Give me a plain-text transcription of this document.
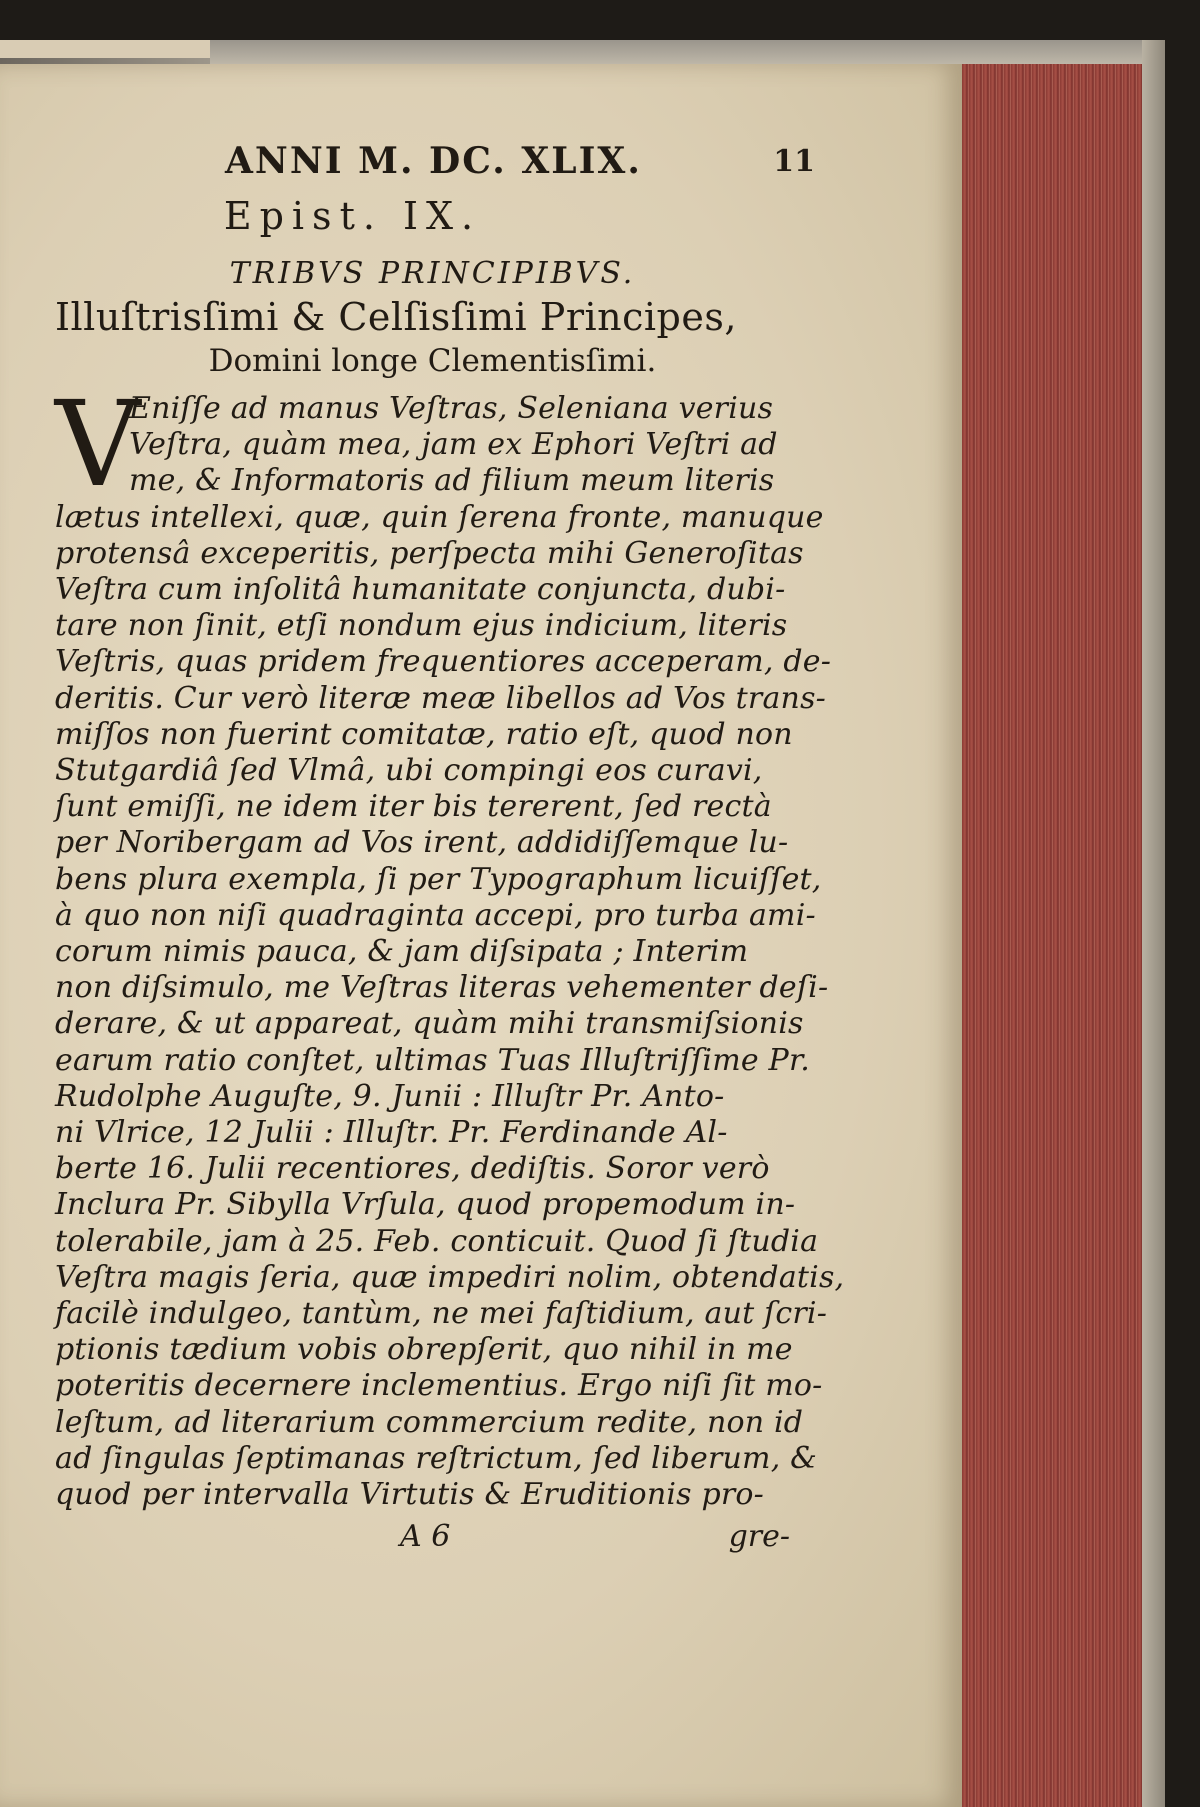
ANNI M. DC. XLIX.	11
Epist. IX.
TRIBVS PRINCIPIBVS.
Illuſtrisſimi & Celſisſimi Principes,
Domini longe Clementisſimi.
V
Eniſſe ad manus Veſtras, Seleniana verius
Veſtra, quàm mea, jam ex Ephori Veſtri ad
me, & Informatoris ad filium meum literis
lætus intellexi, quæ, quin ſerena fronte, manuque
protensâ exceperitis, perſpecta mihi Generoſitas
Veſtra cum inſolitâ humanitate conjuncta, dubi-
tare non ſinit, etſi nondum ejus indicium, literis
Veſtris, quas pridem frequentiores acceperam, de-
deritis. Cur verò literæ meæ libellos ad Vos trans-
miſſos non fuerint comitatæ, ratio eſt, quod non
Stutgardiâ ſed Vlmâ, ubi compingi eos curavi,
ſunt emiſſi, ne idem iter bis tererent, ſed rectà
per Noribergam ad Vos irent, addidiſſemque lu-
bens plura exempla, ſi per Typographum licuiſſet,
à quo non niſi quadraginta accepi, pro turba ami-
corum nimis pauca, & jam diſsipata ; Interim
non diſsimulo, me Veſtras literas vehementer deſi-
derare, & ut appareat, quàm mihi transmiſsionis
earum ratio conſtet, ultimas Tuas Illuſtriſſime Pr.
Rudolphe Auguſte, 9. Junii : Illuſtr Pr. Anto-
ni Vlrice, 12 Julii : Illuſtr. Pr. Ferdinande Al-
berte 16. Julii recentiores, dediſtis. Soror verò
Inclura Pr. Sibylla Vrſula, quod propemodum in-
tolerabile, jam à 25. Feb. conticuit. Quod ſi ſtudia
Veſtra magis ſeria, quæ impediri nolim, obtendatis,
facilè indulgeo, tantùm, ne mei faſtidium, aut ſcri-
ptionis tædium vobis obrepſerit, quo nihil in me
poteritis decernere inclementius. Ergo niſi ſit mo-
leſtum, ad literarium commercium redite, non id
ad ſingulas ſeptimanas reſtrictum, ſed liberum, &
quod per intervalla Virtutis & Eruditionis pro-
A 6	gre-
